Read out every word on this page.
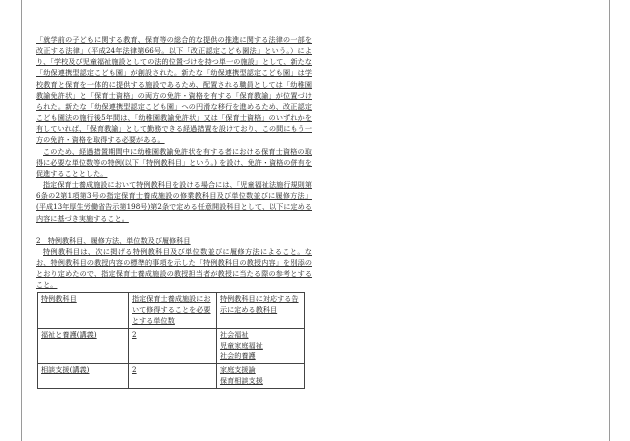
「就学前の子どもに関する教育、保育等の総合的な提供の推進に関する法律の一部を改正する法律」（平成24年法律第66号。以下「改正認定こども園法」という。）により、「学校及び児童福祉施設としての法的位置づけを持つ単一の施設」として、新たな「幼保連携型認定こども園」が創設された。新たな「幼保連携型認定こども園」は学校教育と保育を一体的に提供する施設であるため、配置される職員としては「幼稚園教諭免許状」と「保育士資格」の両方の免許・資格を有する「保育教諭」が位置づけられた。新たな「幼保連携型認定こども園」への円滑な移行を進めるため、改正認定こども園法の施行後5年間は、「幼稚園教諭免許状」又は「保育士資格」のいずれかを有していれば、「保育教諭」として勤務できる経過措置を設けており、この間にもう一方の免許・資格を取得する必要がある。

このため、経過措置期間中に幼稚園教諭免許状を有する者における保育士資格の取得に必要な単位数等の特例(以下「特例教科目」という。) を設け、免許・資格の併有を促進することとした。

指定保育士養成施設において特例教科目を設ける場合には、「児童福祉法施行規則第6条の2第1項第3号の指定保育士養成施設の修業教科目及び単位数並びに履修方法」(平成13年厚生労働省告示第198号)第2条で定める任意開設科目として、以下に定める内容に基づき実施すること。

2　特例教科目、履修方法、単位数及び履修科目

特例教科目は、次に掲げる特例教科目及び単位数並びに履修方法によること。なお、特例教科目の教授内容の標準的事項を示した「特例教科目の教授内容」を別添のとおり定めたので、指定保育士養成施設の教授担当者が教授に当たる際の参考とすること。

特例教科目	指定保育士養成施設において修得することを必要とする単位数	特例教科目に対応する告示に定める教科目
福祉と養護(講義)	2	社会福祉
児童家庭福祉
社会的養護

相談支援(講義)	2	家庭支援論
保育相談支援
